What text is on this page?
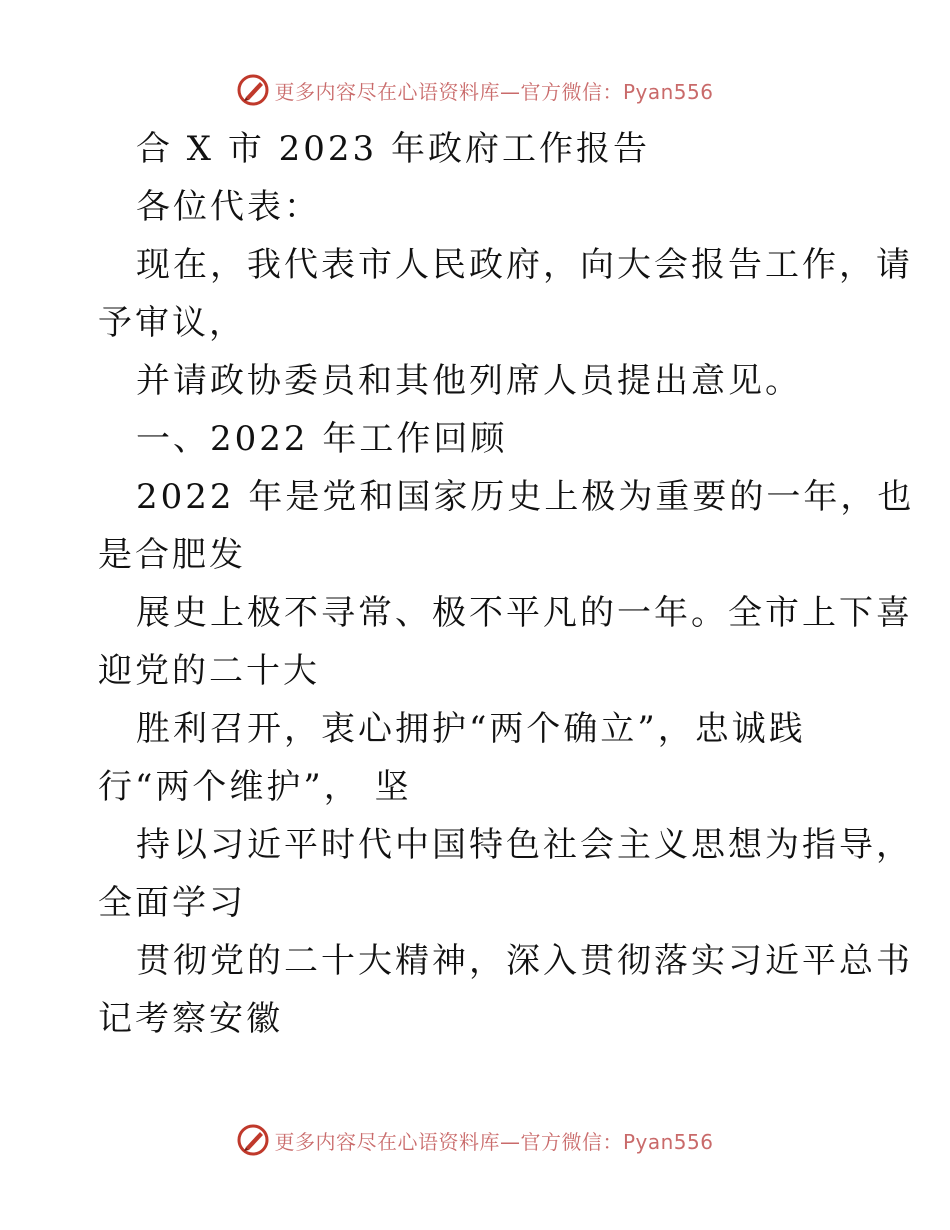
更多内容尽在心语资料库—官方微信：Pyan556

合 X 市 2023 年政府工作报告

各位代表：

现在，我代表市人民政府，向大会报告工作，请

予审议，

并请政协委员和其他列席人员提出意见。

一、2022 年工作回顾

2022 年是党和国家历史上极为重要的一年，也

是合肥发

展史上极不寻常、极不平凡的一年。全市上下喜

迎党的二十大

胜利召开，衷心拥护“两个确立”，忠诚践

行“两个维护”， 坚

持以习近平时代中国特色社会主义思想为指导，

全面学习

贯彻党的二十大精神，深入贯彻落实习近平总书

记考察安徽

更多内容尽在心语资料库—官方微信：Pyan556
